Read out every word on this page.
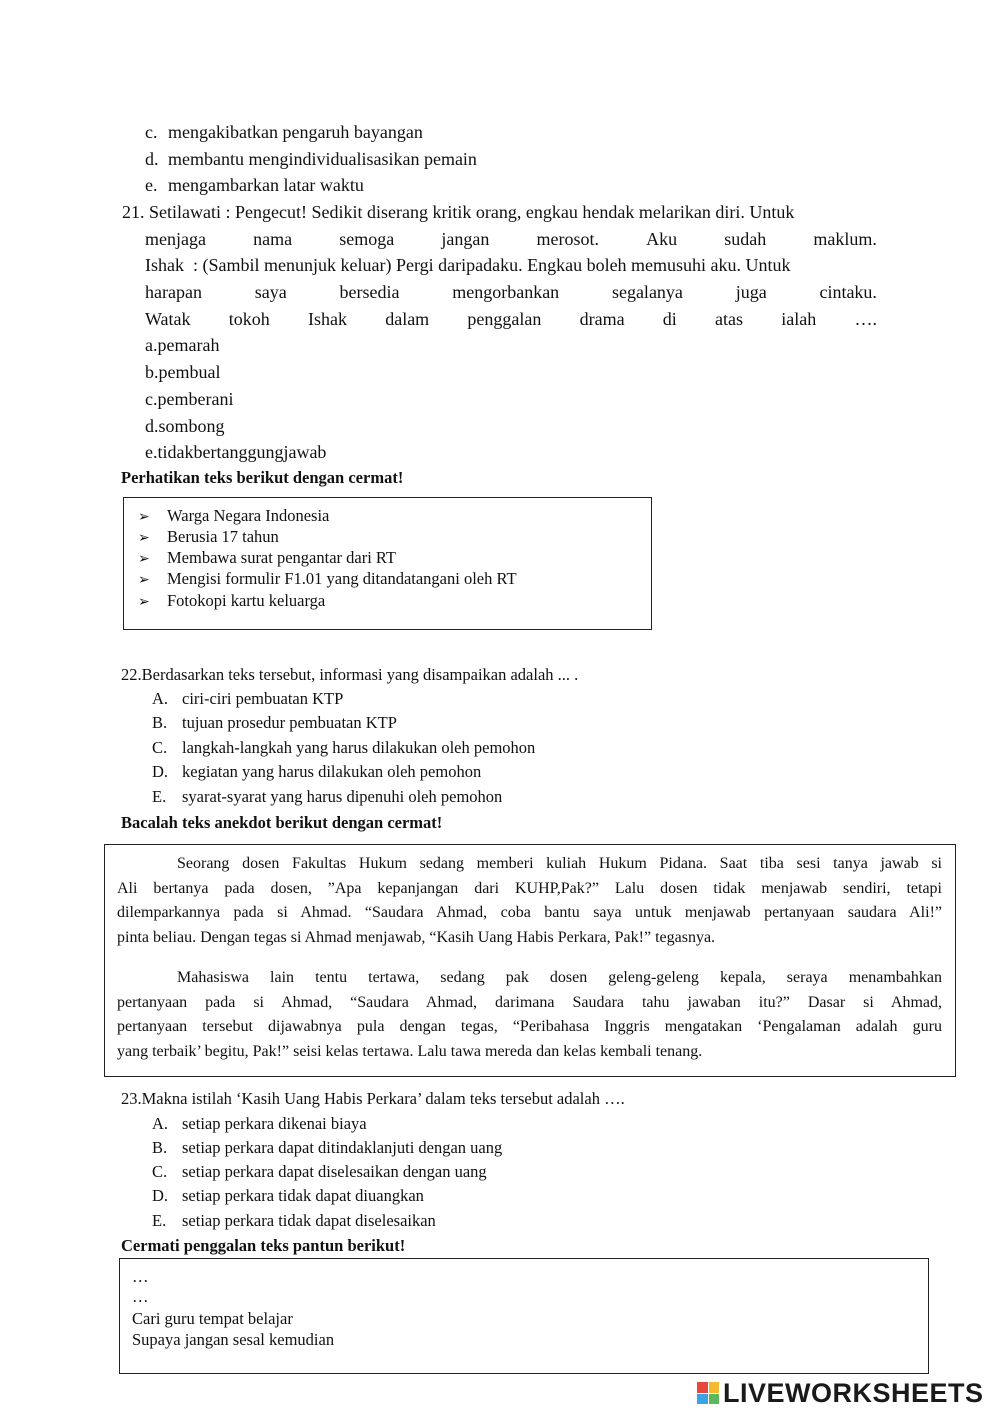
c. mengakibatkan pengaruh bayangan
d. membantu mengindividualisasikan pemain
e. mengambarkan latar waktu
21. Setilawati : Pengecut! Sedikit diserang kritik orang, engkau hendak melarikan diri. Untuk
menjaga	nama	semoga	jangan	merosot.	Aku	sudah	maklum.
Ishak  : (Sambil menunjuk keluar) Pergi daripadaku. Engkau boleh memusuhi aku. Untuk
harapan	saya	bersedia	mengorbankan	segalanya	juga	cintaku.
Watak tokoh Ishak dalam penggalan drama di atas ialah ….
a.pemarah
b.pembual
c.pemberani
d.sombong
e.tidakbertanggungjawab
Perhatikan teks berikut dengan cermat!
➢ Warga Negara Indonesia
➢ Berusia 17 tahun
➢ Membawa surat pengantar dari RT
➢ Mengisi formulir F1.01 yang ditandatangani oleh RT
➢ Fotokopi kartu keluarga
22.Berdasarkan teks tersebut, informasi yang disampaikan adalah ... .
A. ciri-ciri pembuatan KTP
B. tujuan prosedur pembuatan KTP
C. langkah-langkah yang harus dilakukan oleh pemohon
D. kegiatan yang harus dilakukan oleh pemohon
E. syarat-syarat yang harus dipenuhi oleh pemohon
Bacalah teks anekdot berikut dengan cermat!
Seorang dosen Fakultas Hukum sedang memberi kuliah Hukum Pidana. Saat tiba sesi tanya jawab si
Ali bertanya pada dosen, ”Apa kepanjangan dari KUHP,Pak?” Lalu dosen tidak menjawab sendiri, tetapi
dilemparkannya pada si Ahmad. “Saudara Ahmad, coba bantu saya untuk menjawab pertanyaan saudara Ali!”
pinta beliau. Dengan tegas si Ahmad menjawab, “Kasih Uang Habis Perkara, Pak!” tegasnya.
Mahasiswa lain tentu tertawa, sedang pak dosen geleng-geleng kepala, seraya menambahkan
pertanyaan pada si Ahmad, “Saudara Ahmad, darimana Saudara tahu jawaban itu?” Dasar si Ahmad,
pertanyaan tersebut dijawabnya pula dengan tegas, “Peribahasa Inggris mengatakan ‘Pengalaman adalah guru
yang terbaik’ begitu, Pak!” seisi kelas tertawa. Lalu tawa mereda dan kelas kembali tenang.
23.Makna istilah ‘Kasih Uang Habis Perkara’ dalam teks tersebut adalah ….
A. setiap perkara dikenai biaya
B. setiap perkara dapat ditindaklanjuti dengan uang
C. setiap perkara dapat diselesaikan dengan uang
D. setiap perkara tidak dapat diuangkan
E. setiap perkara tidak dapat diselesaikan
Cermati penggalan teks pantun berikut!
…
…
Cari guru tempat belajar
Supaya jangan sesal kemudian
LIVEWORKSHEETS
